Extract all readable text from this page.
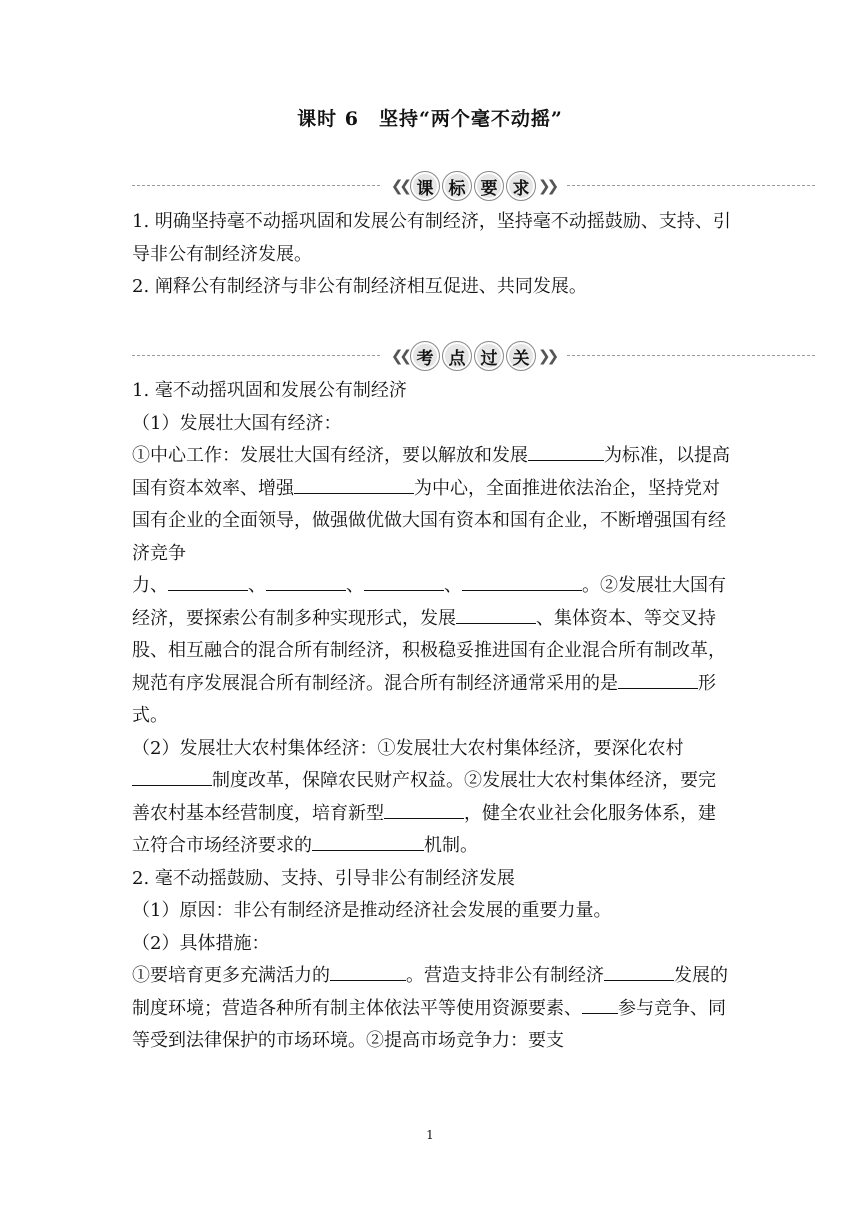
课时 6　坚持“两个毫不动摇”
❮❮ 课 标 要 求 ❯❯

1. 明确坚持毫不动摇巩固和发展公有制经济，坚持毫不动摇鼓励、支持、引导非公有制经济发展。

2. 阐释公有制经济与非公有制经济相互促进、共同发展。

❮❮ 考 点 过 关 ❯❯

1. 毫不动摇巩固和发展公有制经济

（1）发展壮大国有经济：

①中心工作：发展壮大国有经济，要以解放和发展	为标准，以提高国有资本效率、增强	为中心，全面推进依法治企，坚持党对国有企业的全面领导，做强做优做大国有资本和国有企业，不断增强国有经济竞争
力、	、	、	、	。②发展壮大国有经济，要探索公有制多种实现形式，发展	、集体资本、等交叉持股、相互融合的混合所有制经济，积极稳妥推进国有企业混合所有制改革，规范有序发展混合所有制经济。混合所有制经济通常采用的是	形式。

（2）发展壮大农村集体经济：①发展壮大农村集体经济，要深化农村制度改革，保障农民财产权益。②发展壮大农村集体经济，要完善农村基本经营制度，培育新型	，健全农业社会化服务体系，建立符合市场经济要求的	机制。

2. 毫不动摇鼓励、支持、引导非公有制经济发展

（1）原因：非公有制经济是推动经济社会发展的重要力量。

（2）具体措施：

①要培育更多充满活力的	。营造支持非公有制经济	发展的制度环境；营造各种所有制主体依法平等使用资源要素、 参与竞争、同等受到法律保护的市场环境。②提高市场竞争力：要支

1
